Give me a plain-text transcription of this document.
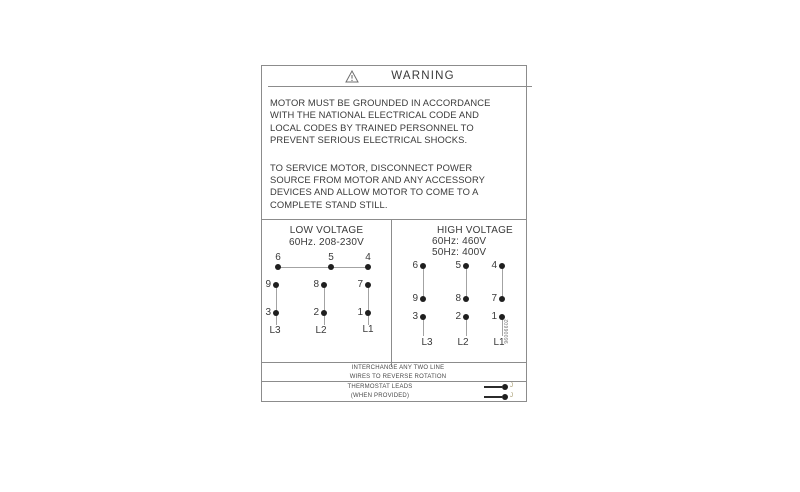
WARNING
MOTOR MUST BE GROUNDED IN ACCORDANCE
WITH THE NATIONAL ELECTRICAL CODE AND
LOCAL CODES BY TRAINED PERSONNEL TO
PREVENT SERIOUS ELECTRICAL SHOCKS.
TO SERVICE MOTOR, DISCONNECT POWER
SOURCE FROM MOTOR AND ANY ACCESSORY
DEVICES AND ALLOW MOTOR TO COME TO A
COMPLETE STAND STILL.
LOW VOLTAGE
60Hz. 208-230V
6	5	4
9	8	7
3	2	1
L3	L2	L1
HIGH VOLTAGE
60Hz: 460V
50Hz: 400V
6	5	4
9	8	7
3	2	1
L3	L2	L1 96006602
INTERCHANGE ANY TWO LINE
WIRES TO REVERSE ROTATION
THERMOSTAT LEADS
(WHEN PROVIDED)
J
J
